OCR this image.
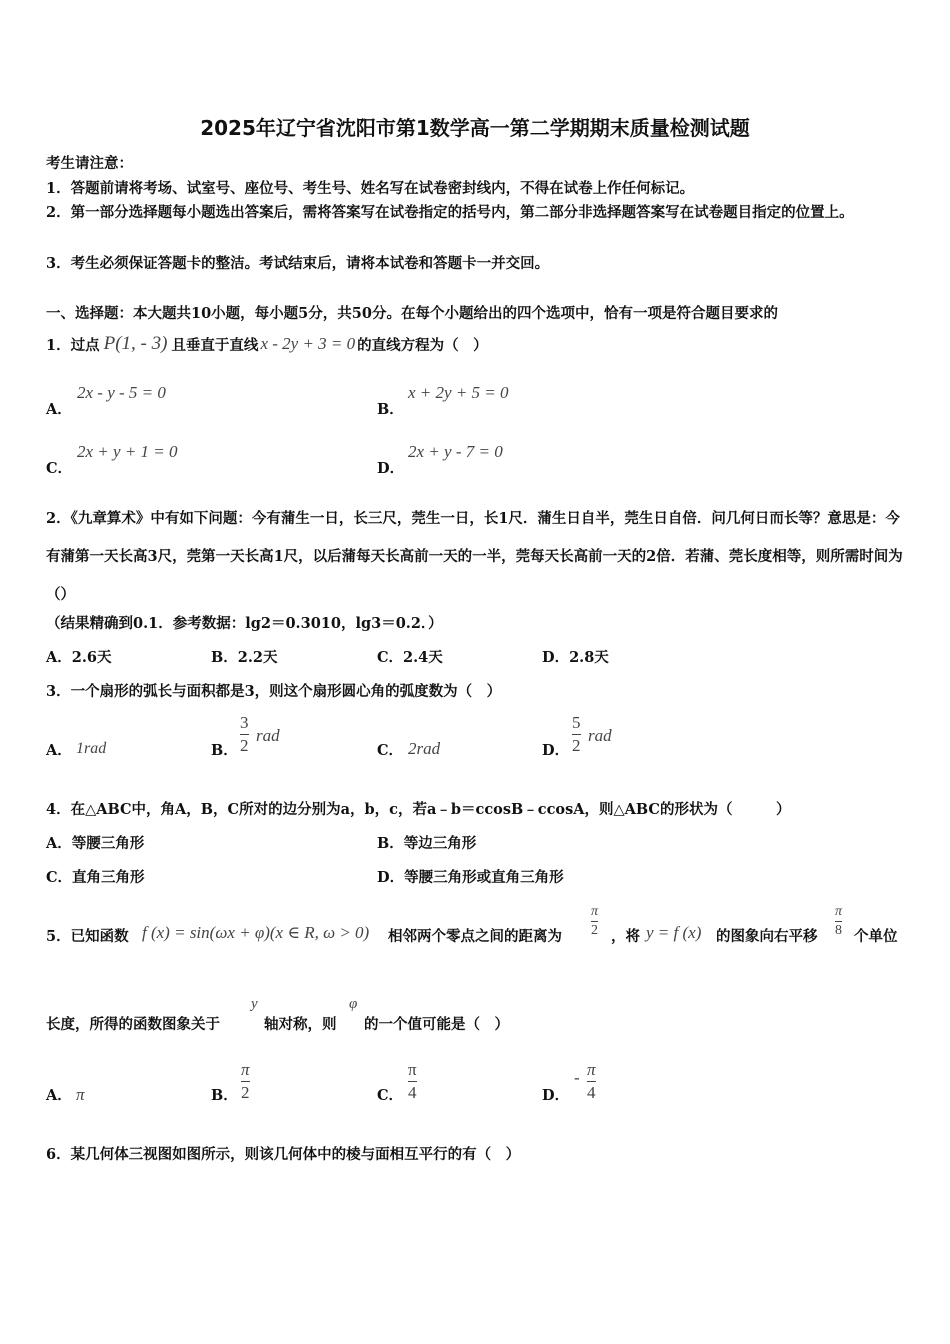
2025年辽宁省沈阳市第1数学高一第二学期期末质量检测试题
考生请注意：
1．答题前请将考场、试室号、座位号、考生号、姓名写在试卷密封线内，不得在试卷上作任何标记。
2．第一部分选择题每小题选出答案后，需将答案写在试卷指定的括号内，第二部分非选择题答案写在试卷题目指定的位置上。
3．考生必须保证答题卡的整洁。考试结束后，请将本试卷和答题卡一并交回。
一、选择题：本大题共10小题，每小题5分，共50分。在每个小题给出的四个选项中，恰有一项是符合题目要求的
1．过点 P(1, - 3) 且垂直于直线 x - 2y + 3 = 0 的直线方程为（　）
A．
2x - y - 5 = 0
B．
x + 2y + 5 = 0
C．
2x + y + 1 = 0
D．
2x + y - 7 = 0
2．《九章算术》中有如下问题：今有蒲生一日，长三尺，莞生一日，长1尺．蒲生日自半，莞生日自倍．问几何日而长等？意思是：今有蒲第一天长高3尺，莞第一天长高1尺，以后蒲每天长高前一天的一半，莞每天长高前一天的2倍．若蒲、莞长度相等，则所需时间为（）
（结果精确到0.1．参考数据：lg2＝0.3010，lg3＝0.2．）
A．2.6天	B．2.2天	C．2.4天	D．2.8天
3．一个扇形的弧长与面积都是3，则这个扇形圆心角的弧度数为（　）
A． 1rad	B．
3
2
rad
C． 2rad	D．
5
2
rad
4．在△ABC中，角A，B，C所对的边分别为a，b，c，若a﹣b＝ccosB﹣ccosA，则△ABC的形状为（　　　）
A．等腰三角形	B．等边三角形
C．直角三角形	D．等腰三角形或直角三角形
5．已知函数 f (x) = sin(ωx + φ)(x ∈ R, ω > 0) 相邻两个零点之间的距离为
π
2 ，将 y = f (x) 的图象向右平移
π
8 个单位
长度，所得的函数图象关于
y
轴对称，则
φ
的一个值可能是（　）
A． π	B．
π
2	C．
π
4	D．
- π
4
6．某几何体三视图如图所示，则该几何体中的棱与面相互平行的有（　）
